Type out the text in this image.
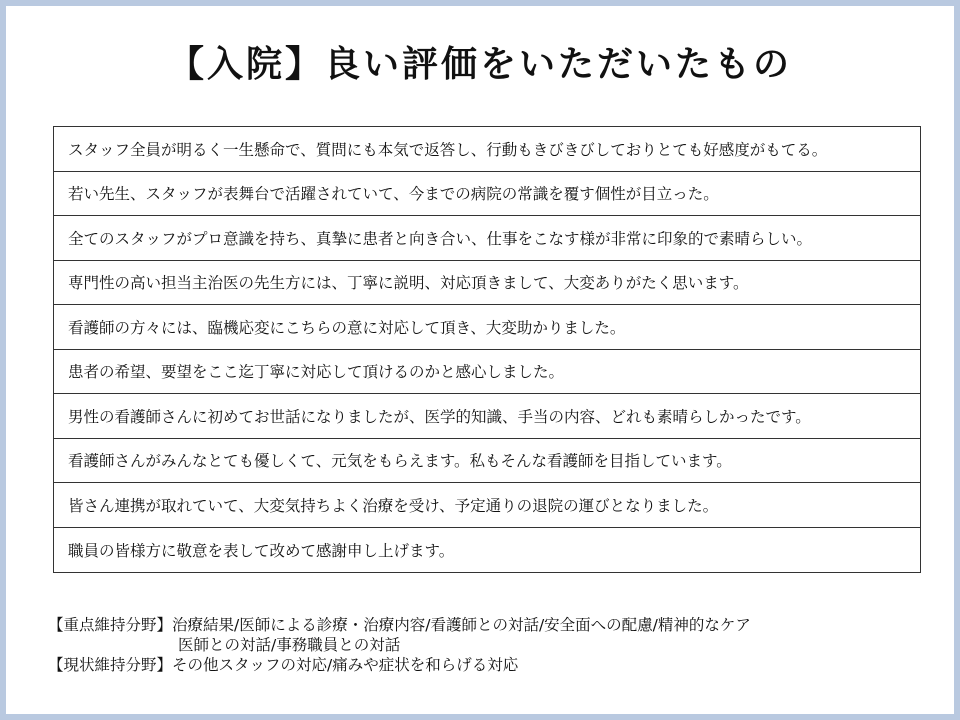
【入院】良い評価をいただいたもの
スタッフ全員が明るく一生懸命で、質問にも本気で返答し、行動もきびきびしておりとても好感度がもてる。
若い先生、スタッフが表舞台で活躍されていて、今までの病院の常識を覆す個性が目立った。
全てのスタッフがプロ意識を持ち、真摯に患者と向き合い、仕事をこなす様が非常に印象的で素晴らしい。
専門性の高い担当主治医の先生方には、丁寧に説明、対応頂きまして、大変ありがたく思います。
看護師の方々には、臨機応変にこちらの意に対応して頂き、大変助かりました。
患者の希望、要望をここ迄丁寧に対応して頂けるのかと感心しました。
男性の看護師さんに初めてお世話になりましたが、医学的知識、手当の内容、どれも素晴らしかったです。
看護師さんがみんなとても優しくて、元気をもらえます。私もそんな看護師を目指しています。
皆さん連携が取れていて、大変気持ちよく治療を受け、予定通りの退院の運びとなりました。
職員の皆様方に敬意を表して改めて感謝申し上げます。
【重点維持分野】 治療結果/医師による診療・治療内容/看護師との対話/安全面への配慮/精神的なケア
医師との対話/事務職員との対話
【現状維持分野】 その他スタッフの対応/痛みや症状を和らげる対応
